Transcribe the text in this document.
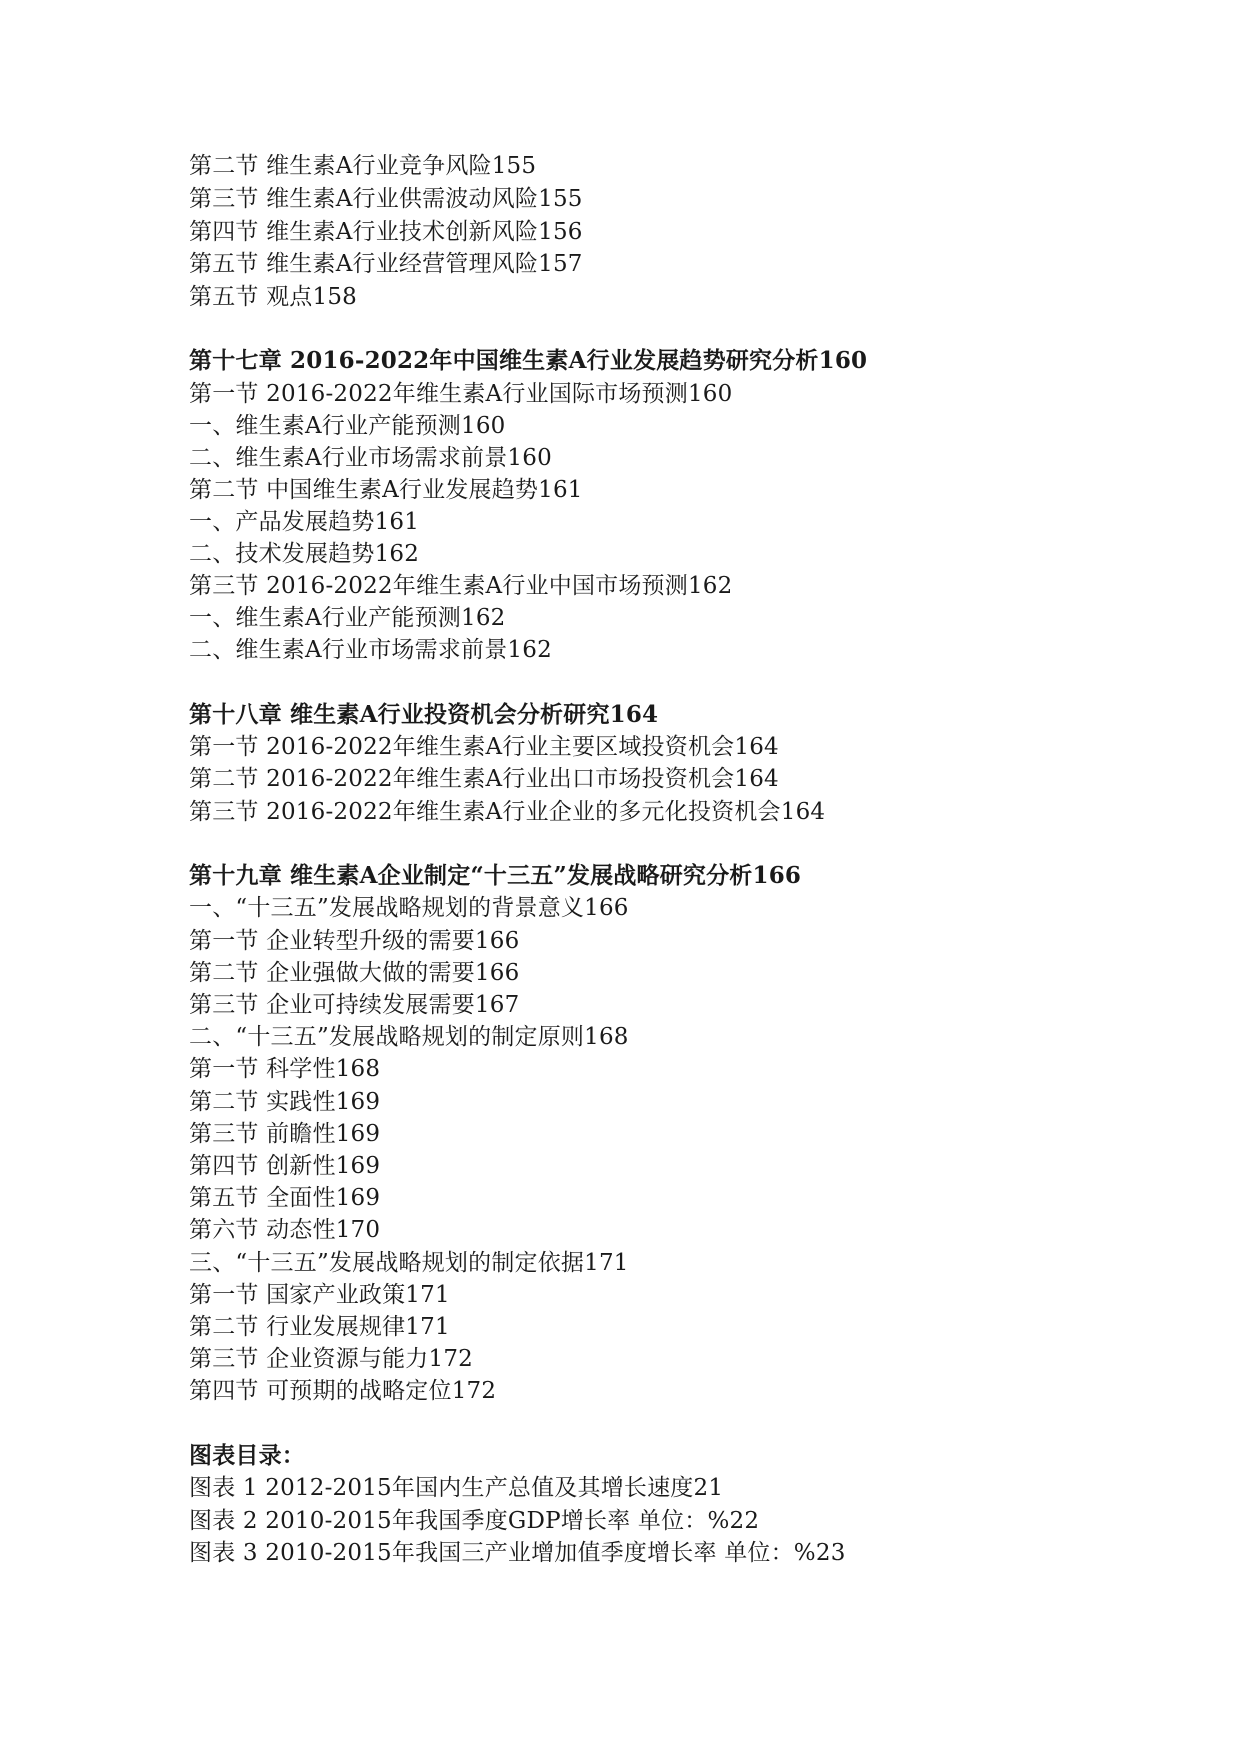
第二节 维生素A行业竞争风险155
第三节 维生素A行业供需波动风险155
第四节 维生素A行业技术创新风险156
第五节 维生素A行业经营管理风险157
第五节 观点158
第十七章 2016-2022年中国维生素A行业发展趋势研究分析160
第一节 2016-2022年维生素A行业国际市场预测160
一、维生素A行业产能预测160
二、维生素A行业市场需求前景160
第二节 中国维生素A行业发展趋势161
一、产品发展趋势161
二、技术发展趋势162
第三节 2016-2022年维生素A行业中国市场预测162
一、维生素A行业产能预测162
二、维生素A行业市场需求前景162
第十八章 维生素A行业投资机会分析研究164
第一节 2016-2022年维生素A行业主要区域投资机会164
第二节 2016-2022年维生素A行业出口市场投资机会164
第三节 2016-2022年维生素A行业企业的多元化投资机会164
第十九章 维生素A企业制定“十三五”发展战略研究分析166
一、“十三五”发展战略规划的背景意义166
第一节 企业转型升级的需要166
第二节 企业强做大做的需要166
第三节 企业可持续发展需要167
二、“十三五”发展战略规划的制定原则168
第一节 科学性168
第二节 实践性169
第三节 前瞻性169
第四节 创新性169
第五节 全面性169
第六节 动态性170
三、“十三五”发展战略规划的制定依据171
第一节 国家产业政策171
第二节 行业发展规律171
第三节 企业资源与能力172
第四节 可预期的战略定位172
图表目录：
图表 1 2012-2015年国内生产总值及其增长速度21
图表 2 2010-2015年我国季度GDP增长率 单位：%22
图表 3 2010-2015年我国三产业增加值季度增长率 单位：%23
